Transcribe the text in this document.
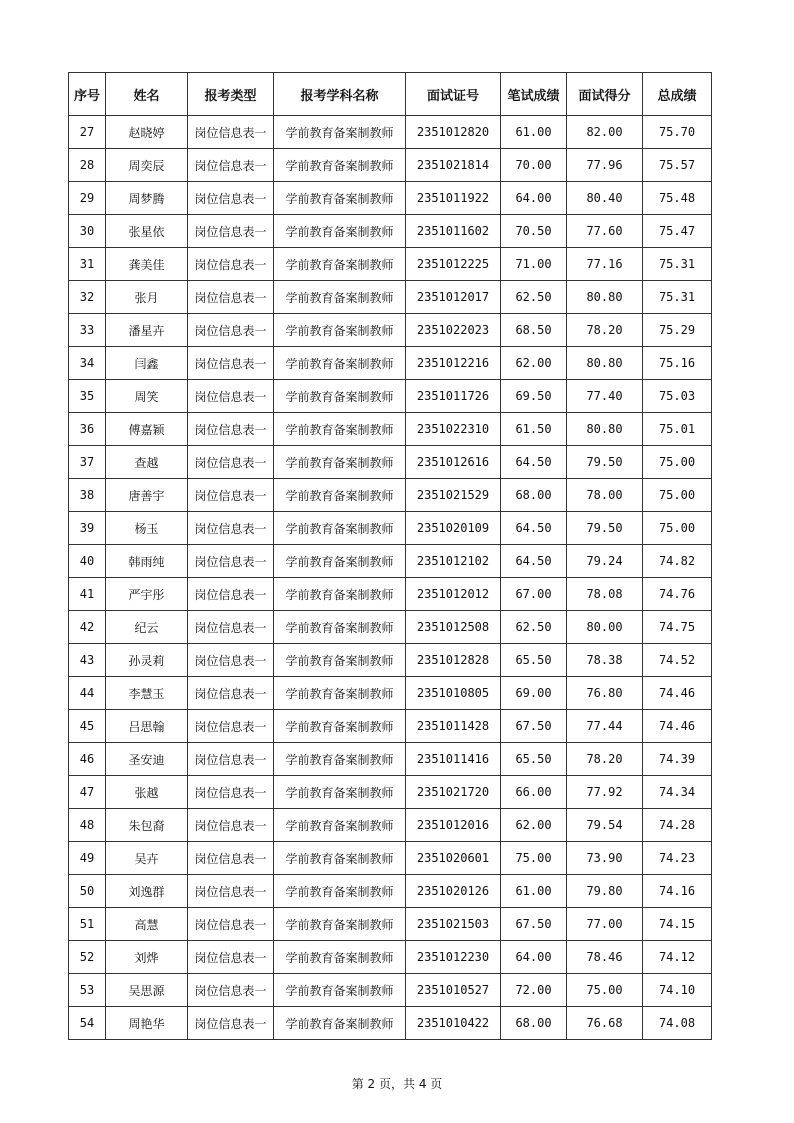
序号	姓名	报考类型	报考学科名称	面试证号	笔试成绩	面试得分	总成绩
27	赵晓婷	岗位信息表一	学前教育备案制教师	2351012820	61.00	82.00	75.70
28	周奕辰	岗位信息表一	学前教育备案制教师	2351021814	70.00	77.96	75.57
29	周梦腾	岗位信息表一	学前教育备案制教师	2351011922	64.00	80.40	75.48
30	张星依	岗位信息表一	学前教育备案制教师	2351011602	70.50	77.60	75.47
31	龚美佳	岗位信息表一	学前教育备案制教师	2351012225	71.00	77.16	75.31
32	张月	岗位信息表一	学前教育备案制教师	2351012017	62.50	80.80	75.31
33	潘星卉	岗位信息表一	学前教育备案制教师	2351022023	68.50	78.20	75.29
34	闫鑫	岗位信息表一	学前教育备案制教师	2351012216	62.00	80.80	75.16
35	周笑	岗位信息表一	学前教育备案制教师	2351011726	69.50	77.40	75.03
36	傅嘉颖	岗位信息表一	学前教育备案制教师	2351022310	61.50	80.80	75.01
37	查越	岗位信息表一	学前教育备案制教师	2351012616	64.50	79.50	75.00
38	唐善宇	岗位信息表一	学前教育备案制教师	2351021529	68.00	78.00	75.00
39	杨玉	岗位信息表一	学前教育备案制教师	2351020109	64.50	79.50	75.00
40	韩雨纯	岗位信息表一	学前教育备案制教师	2351012102	64.50	79.24	74.82
41	严宇彤	岗位信息表一	学前教育备案制教师	2351012012	67.00	78.08	74.76
42	纪云	岗位信息表一	学前教育备案制教师	2351012508	62.50	80.00	74.75
43	孙灵莉	岗位信息表一	学前教育备案制教师	2351012828	65.50	78.38	74.52
44	李慧玉	岗位信息表一	学前教育备案制教师	2351010805	69.00	76.80	74.46
45	吕思翰	岗位信息表一	学前教育备案制教师	2351011428	67.50	77.44	74.46
46	圣安迪	岗位信息表一	学前教育备案制教师	2351011416	65.50	78.20	74.39
47	张越	岗位信息表一	学前教育备案制教师	2351021720	66.00	77.92	74.34
48	朱包裔	岗位信息表一	学前教育备案制教师	2351012016	62.00	79.54	74.28
49	吴卉	岗位信息表一	学前教育备案制教师	2351020601	75.00	73.90	74.23
50	刘逸群	岗位信息表一	学前教育备案制教师	2351020126	61.00	79.80	74.16
51	高慧	岗位信息表一	学前教育备案制教师	2351021503	67.50	77.00	74.15
52	刘烨	岗位信息表一	学前教育备案制教师	2351012230	64.00	78.46	74.12
53	吴思源	岗位信息表一	学前教育备案制教师	2351010527	72.00	75.00	74.10
54	周艳华	岗位信息表一	学前教育备案制教师	2351010422	68.00	76.68	74.08
第 2 页，共 4 页
